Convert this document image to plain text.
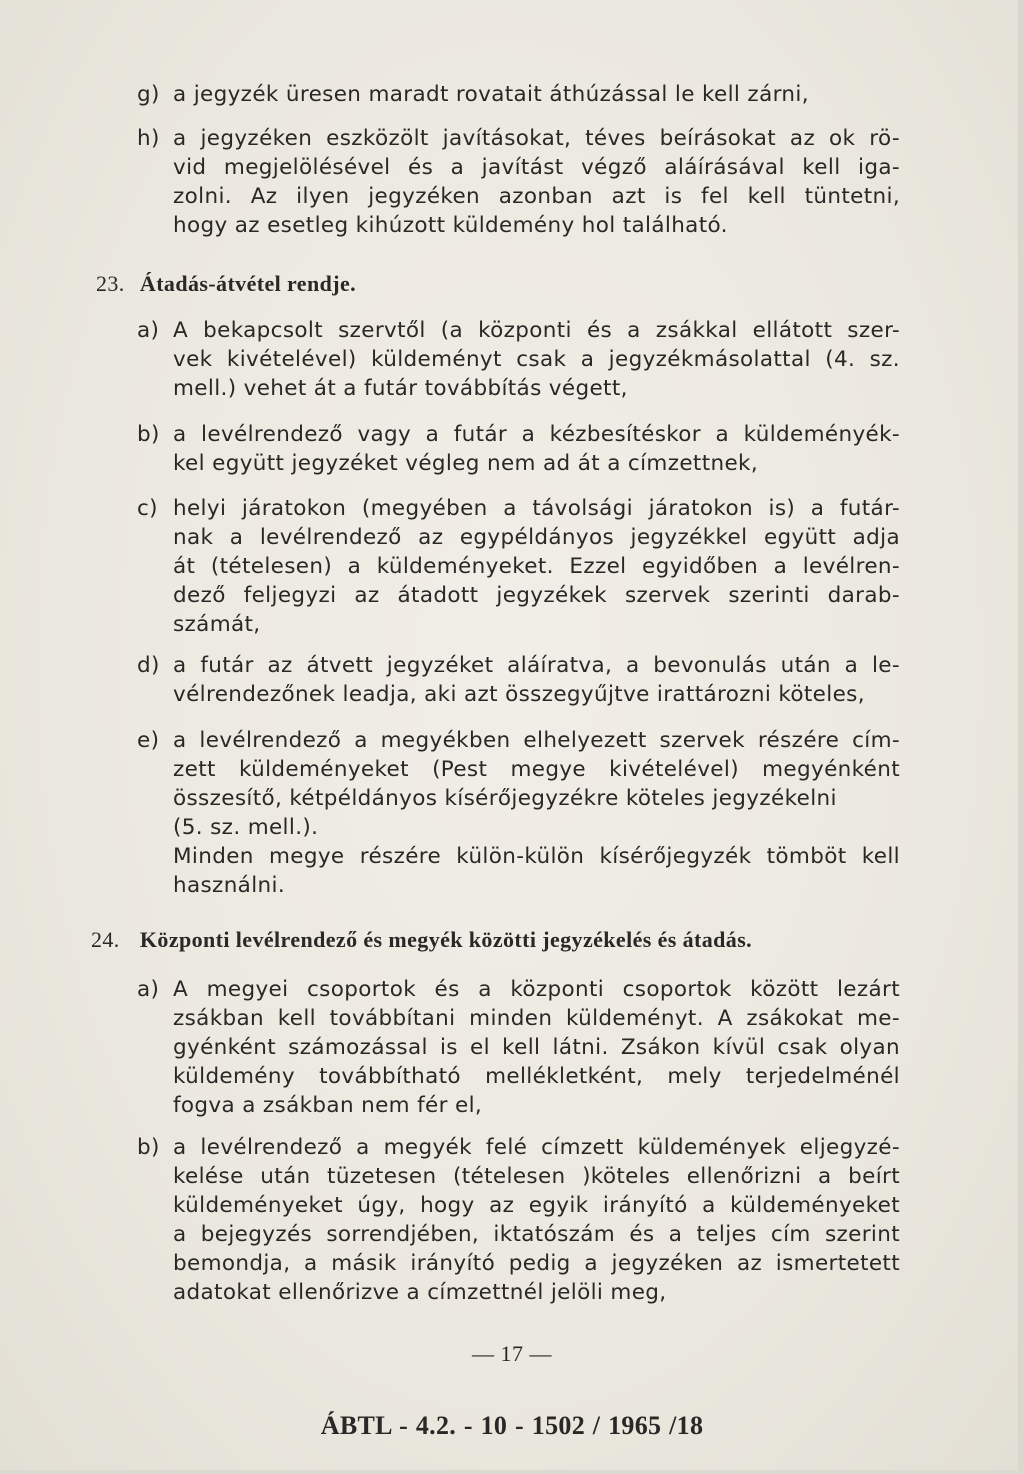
g) a jegyzék üresen maradt rovatait áthúzással le kell zárni,
h) a jegyzéken eszközölt javításokat, téves beírásokat az ok rö-
vid megjelölésével és a javítást végző aláírásával kell iga-
zolni. Az ilyen jegyzéken azonban azt is fel kell tüntetni,
hogy az esetleg kihúzott küldemény hol található.
23. Átadás-átvétel rendje.
a) A bekapcsolt szervtől (a központi és a zsákkal ellátott szer-
vek kivételével) küldeményt csak a jegyzékmásolattal (4. sz.
mell.) vehet át a futár továbbítás végett,
b) a levélrendező vagy a futár a kézbesítéskor a küldeményék-
kel együtt jegyzéket végleg nem ad át a címzettnek,
c) helyi járatokon (megyében a távolsági járatokon is) a futár-
nak a levélrendező az egypéldányos jegyzékkel együtt adja
át (tételesen) a küldeményeket. Ezzel egyidőben a levélren-
dező feljegyzi az átadott jegyzékek szervek szerinti darab-
számát,
d) a futár az átvett jegyzéket aláíratva, a bevonulás után a le-
vélrendezőnek leadja, aki azt összegyűjtve irattározni köteles,
e) a levélrendező a megyékben elhelyezett szervek részére cím-
zett küldeményeket (Pest megye kivételével) megyénként
összesítő, kétpéldányos kísérőjegyzékre köteles jegyzékelni
(5. sz. mell.).
Minden megye részére külön-külön kísérőjegyzék tömböt kell
használni.
24. Központi levélrendező és megyék közötti jegyzékelés és átadás.
a) A megyei csoportok és a központi csoportok között lezárt
zsákban kell továbbítani minden küldeményt. A zsákokat me-
gyénként számozással is el kell látni. Zsákon kívül csak olyan
küldemény továbbítható mellékletként, mely terjedelménél
fogva a zsákban nem fér el,
b) a levélrendező a megyék felé címzett küldemények eljegyzé-
kelése után tüzetesen (tételesen )köteles ellenőrizni a beírt
küldeményeket úgy, hogy az egyik irányító a küldeményeket
a bejegyzés sorrendjében, iktatószám és a teljes cím szerint
bemondja, a másik irányító pedig a jegyzéken az ismertetett
adatokat ellenőrizve a címzettnél jelöli meg,
— 17 —
ÁBTL - 4.2. - 10 - 1502 / 1965 /18
